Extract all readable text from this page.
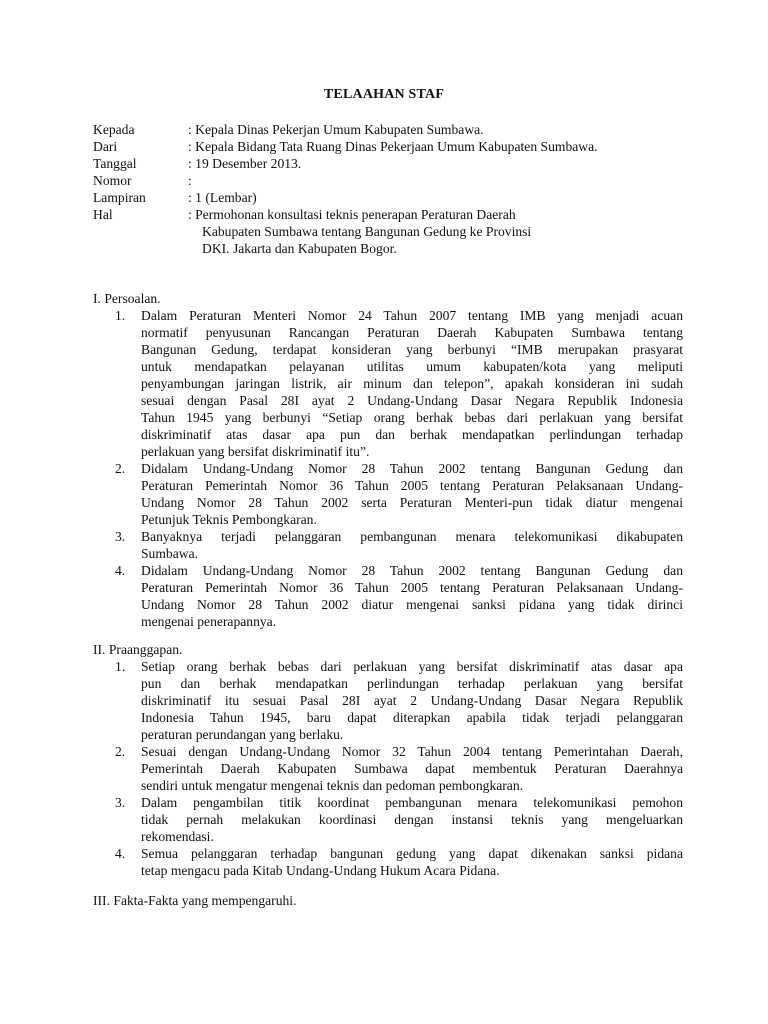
TELAAHAN STAF
Kepada	: Kepala Dinas Pekerjan Umum Kabupaten Sumbawa.
Dari	: Kepala Bidang Tata Ruang Dinas Pekerjaan Umum Kabupaten Sumbawa.
Tanggal	: 19 Desember 2013.
Nomor	:
Lampiran	: 1 (Lembar)
Hal	: Permohonan konsultasi teknis penerapan Peraturan Daerah
Kabupaten Sumbawa tentang Bangunan Gedung ke Provinsi
DKI. Jakarta dan Kabupaten Bogor.
I. Persoalan.
1. Dalam Peraturan Menteri Nomor 24 Tahun 2007 tentang IMB yang menjadi acuan
normatif penyusunan Rancangan Peraturan Daerah Kabupaten Sumbawa tentang
Bangunan Gedung, terdapat konsideran yang berbunyi “IMB merupakan prasyarat
untuk mendapatkan pelayanan utilitas umum kabupaten/kota yang meliputi
penyambungan jaringan listrik, air minum dan telepon”, apakah konsideran ini sudah
sesuai dengan Pasal 28I ayat 2 Undang-Undang Dasar Negara Republik Indonesia
Tahun 1945 yang berbunyi “Setiap orang berhak bebas dari perlakuan yang bersifat
diskriminatif atas dasar apa pun dan berhak mendapatkan perlindungan terhadap
perlakuan yang bersifat diskriminatif itu”.
2. Didalam Undang-Undang Nomor 28 Tahun 2002 tentang Bangunan Gedung dan
Peraturan Pemerintah Nomor 36 Tahun 2005 tentang Peraturan Pelaksanaan Undang-
Undang Nomor 28 Tahun 2002 serta Peraturan Menteri-pun tidak diatur mengenai
Petunjuk Teknis Pembongkaran.
3. Banyaknya terjadi pelanggaran pembangunan menara telekomunikasi dikabupaten
Sumbawa.
4. Didalam Undang-Undang Nomor 28 Tahun 2002 tentang Bangunan Gedung dan
Peraturan Pemerintah Nomor 36 Tahun 2005 tentang Peraturan Pelaksanaan Undang-
Undang Nomor 28 Tahun 2002 diatur mengenai sanksi pidana yang tidak dirinci
mengenai penerapannya.
II. Praanggapan.
1. Setiap orang berhak bebas dari perlakuan yang bersifat diskriminatif atas dasar apa
pun dan berhak mendapatkan perlindungan terhadap perlakuan yang bersifat
diskriminatif itu sesuai Pasal 28I ayat 2 Undang-Undang Dasar Negara Republik
Indonesia Tahun 1945, baru dapat diterapkan apabila tidak terjadi pelanggaran
peraturan perundangan yang berlaku.
2. Sesuai dengan Undang-Undang Nomor 32 Tahun 2004 tentang Pemerintahan Daerah,
Pemerintah Daerah Kabupaten Sumbawa dapat membentuk Peraturan Daerahnya
sendiri untuk mengatur mengenai teknis dan pedoman pembongkaran.
3. Dalam pengambilan titik koordinat pembangunan menara telekomunikasi pemohon
tidak pernah melakukan koordinasi dengan instansi teknis yang mengeluarkan
rekomendasi.
4. Semua pelanggaran terhadap bangunan gedung yang dapat dikenakan sanksi pidana
tetap mengacu pada Kitab Undang-Undang Hukum Acara Pidana.
III. Fakta-Fakta yang mempengaruhi.
